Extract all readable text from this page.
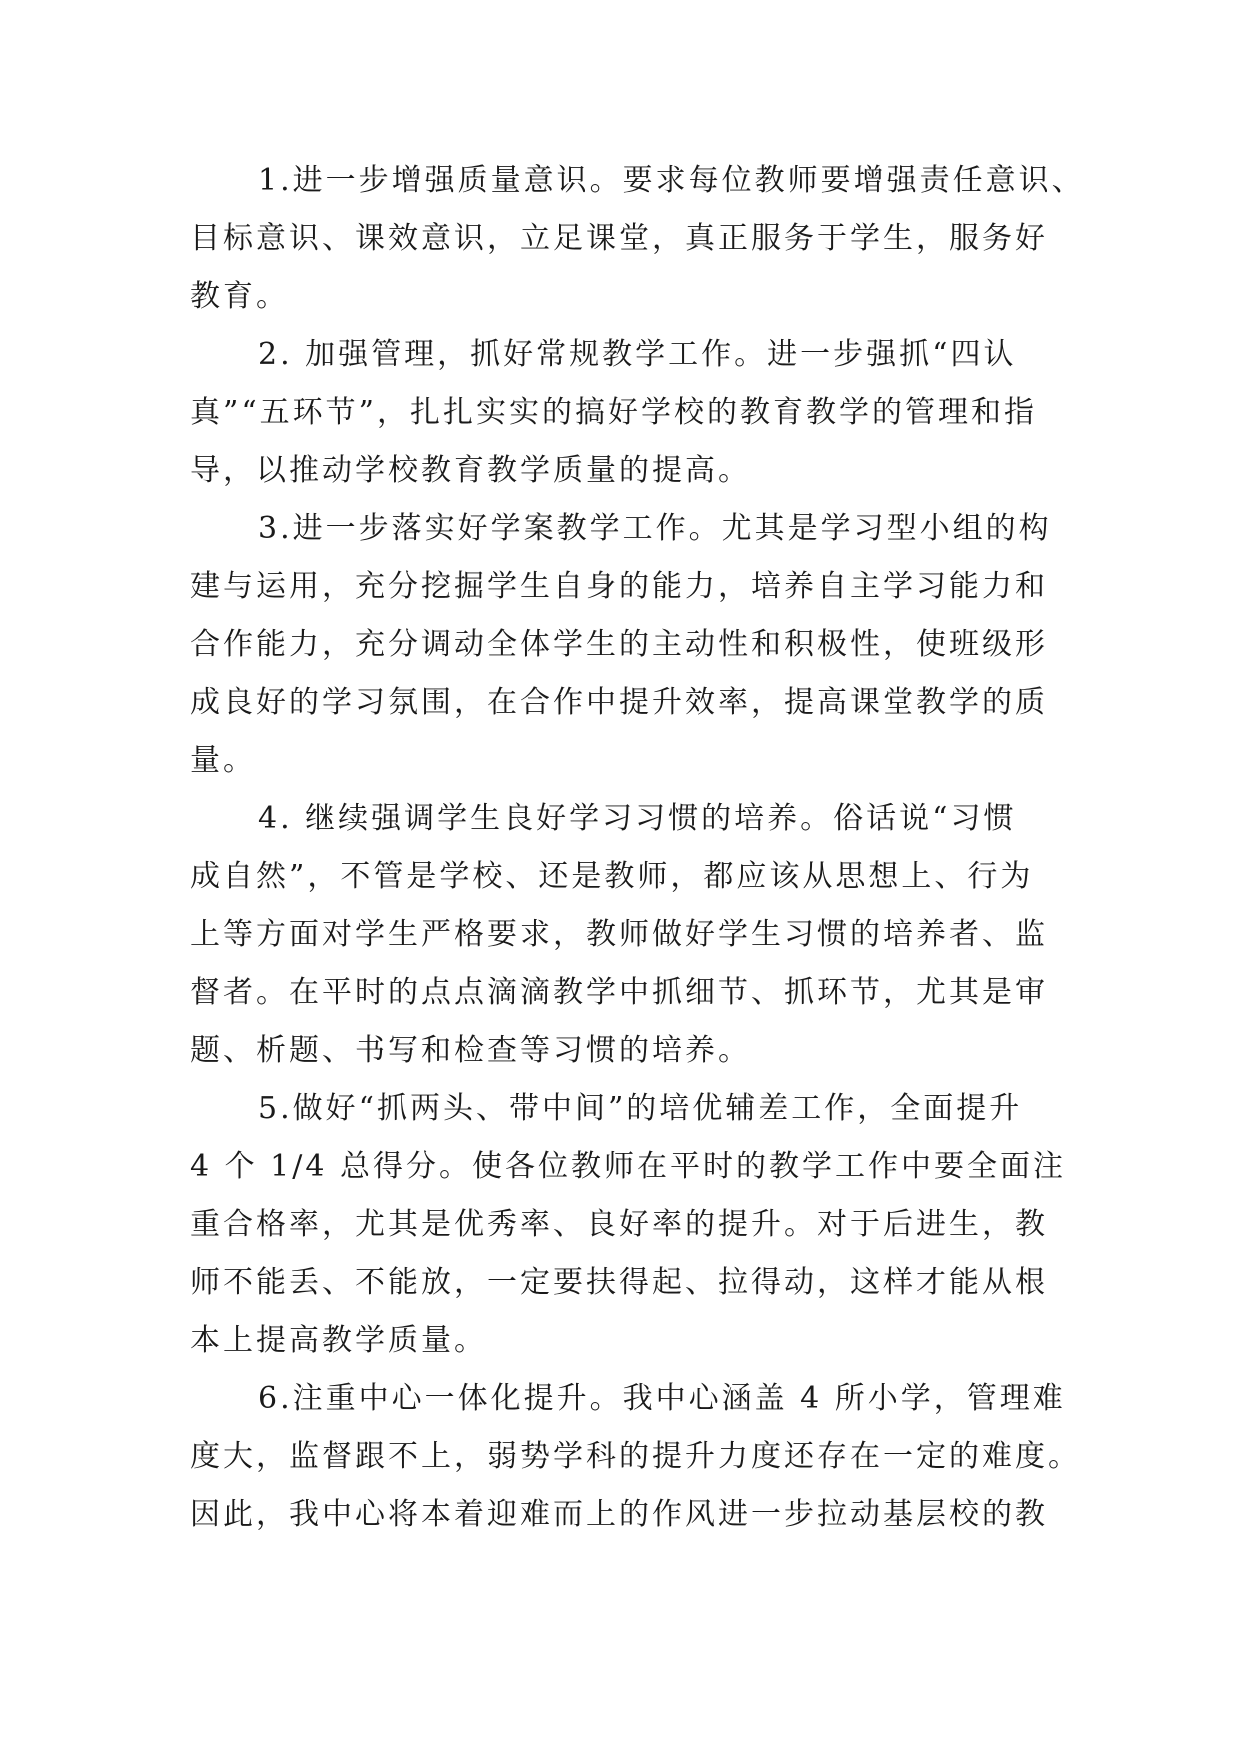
1.进一步增强质量意识。要求每位教师要增强责任意识、
目标意识、课效意识，立足课堂，真正服务于学生，服务好
教育。
2. 加强管理，抓好常规教学工作。进一步强抓“四认
真”“五环节”，扎扎实实的搞好学校的教育教学的管理和指
导，以推动学校教育教学质量的提高。
3.进一步落实好学案教学工作。尤其是学习型小组的构
建与运用，充分挖掘学生自身的能力，培养自主学习能力和
合作能力，充分调动全体学生的主动性和积极性，使班级形
成良好的学习氛围，在合作中提升效率，提高课堂教学的质
量。
4. 继续强调学生良好学习习惯的培养。俗话说“习惯
成自然”，不管是学校、还是教师，都应该从思想上、行为
上等方面对学生严格要求，教师做好学生习惯的培养者、监
督者。在平时的点点滴滴教学中抓细节、抓环节，尤其是审
题、析题、书写和检查等习惯的培养。
5.做好“抓两头、带中间”的培优辅差工作，全面提升
4 个 1/4 总得分。使各位教师在平时的教学工作中要全面注
重合格率，尤其是优秀率、良好率的提升。对于后进生，教
师不能丢、不能放，一定要扶得起、拉得动，这样才能从根
本上提高教学质量。
6.注重中心一体化提升。我中心涵盖 4 所小学，管理难
度大，监督跟不上，弱势学科的提升力度还存在一定的难度。
因此，我中心将本着迎难而上的作风进一步拉动基层校的教
